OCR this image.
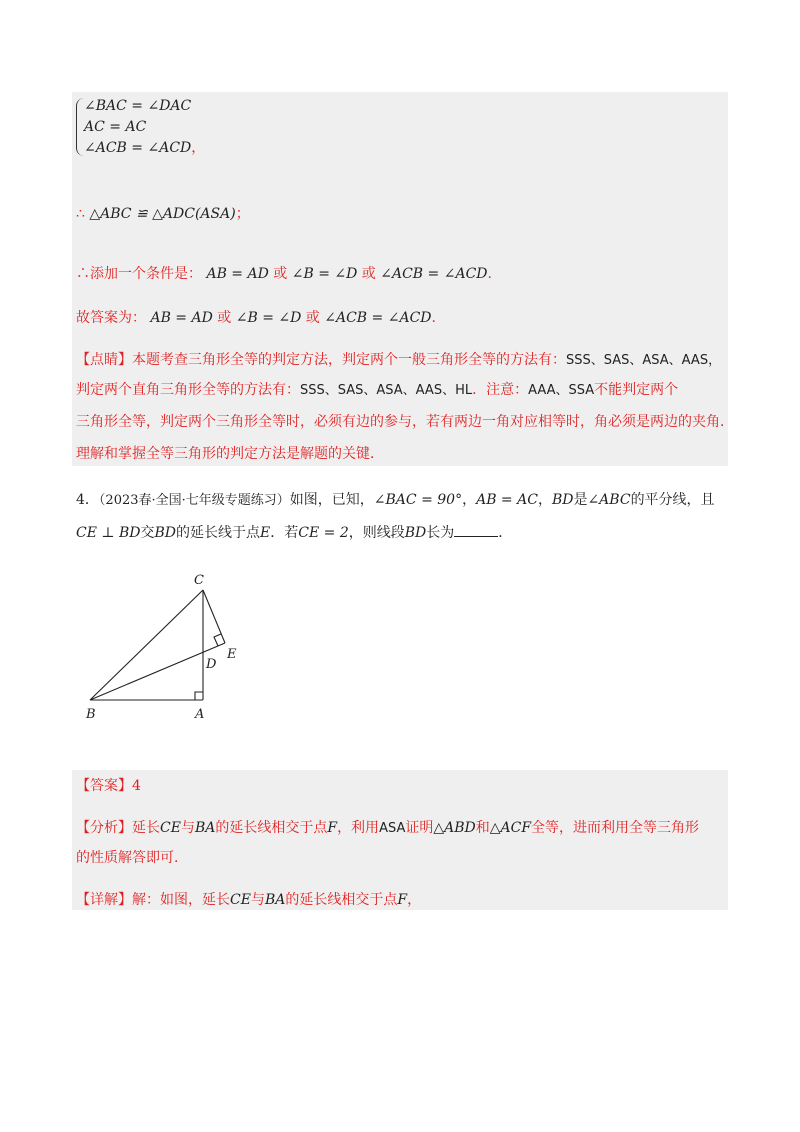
∠BAC = ∠DAC
AC = AC
∠ACB = ∠ACD，
∴ △ABC ≌ △ADC(ASA)；
∴添加一个条件是： AB = AD 或 ∠B = ∠D 或 ∠ACB = ∠ACD.
故答案为： AB = AD 或 ∠B = ∠D 或 ∠ACB = ∠ACD.
【点睛】本题考查三角形全等的判定方法，判定两个一般三角形全等的方法有：SSS、SAS、ASA、AAS，
判定两个直角三角形全等的方法有：SSS、SAS、ASA、AAS、HL．注意：AAA、SSA不能判定两个
三角形全等，判定两个三角形全等时，必须有边的参与，若有两边一角对应相等时，角必须是两边的夹角．
理解和掌握全等三角形的判定方法是解题的关键．
4．（2023春·全国·七年级专题练习）如图，已知，∠BAC = 90°，AB = AC，BD是∠ABC的平分线，且
CE ⊥ BD交BD的延长线于点E．若CE = 2，则线段BD长为	．
C
D
E
B	A
【答案】4
【分析】延长CE与BA的延长线相交于点F，利用ASA证明△ABD和△ACF全等，进而利用全等三角形
的性质解答即可.
【详解】解：如图，延长CE与BA的延长线相交于点F，
